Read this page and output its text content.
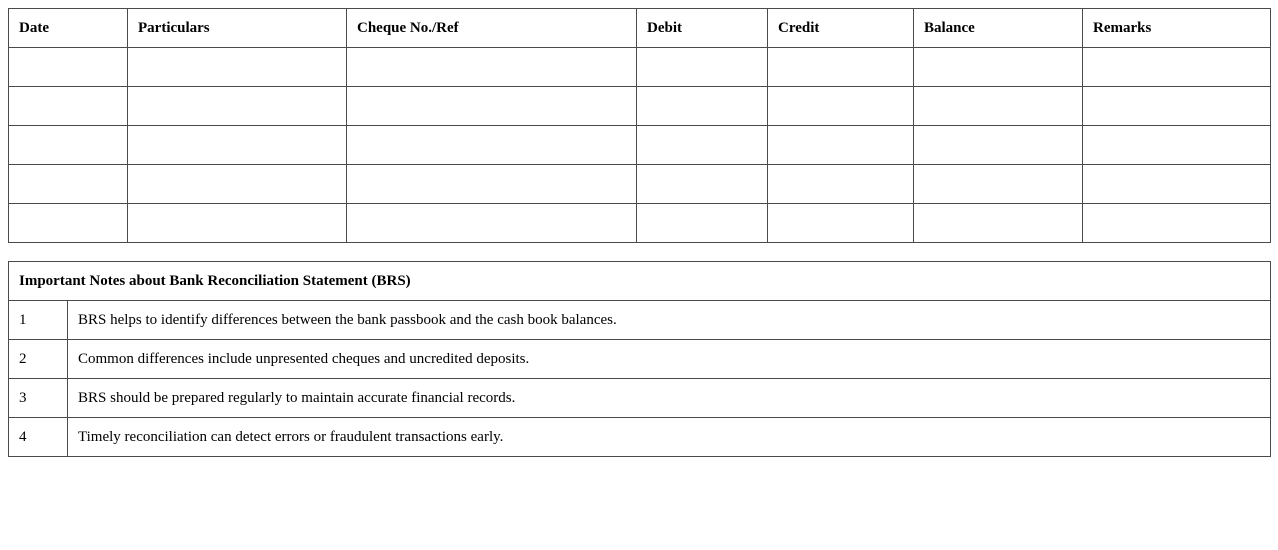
Date	Particulars	Cheque No./Ref	Debit	Credit	Balance	Remarks

Important Notes about Bank Reconciliation Statement (BRS)	
1	BRS helps to identify differences between the bank passbook and the cash book balances.
2	Common differences include unpresented cheques and uncredited deposits.
3	BRS should be prepared regularly to maintain accurate financial records.
4	Timely reconciliation can detect errors or fraudulent transactions early.
